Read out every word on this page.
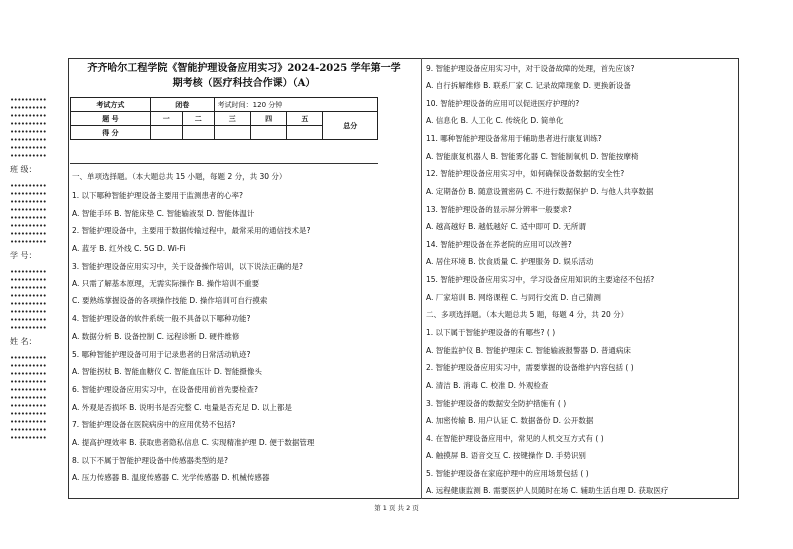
••••••••••
••••••••••
••••••••••
••••••••••
••••••••••
••••••••••
••••••••••
••••••••••
班 级：
••••••••••
••••••••••
••••••••••
••••••••••
••••••••••
••••••••••
••••••••••
••••••••••
学 号：
••••••••••
••••••••••
••••••••••
••••••••••
••••••••••
••••••••••
••••••••••
••••••••••
姓 名：
••••••••••
••••••••••
••••••••••
••••••••••
••••••••••
••••••••••
••••••••••
••••••••••
••••••••••
••••••••••
••••••••••
齐齐哈尔工程学院《智能护理设备应用实习》2024-2025 学年第一学
期考核（医疗科技合作课）（A）
考试方式	闭卷		考试时间：120 分钟			
题 号	一	二	三	四	五	总分
得 分						
一、单项选择题。（本大题总共 15 小题，每题 2 分，共 30 分）
1. 以下哪种智能护理设备主要用于监测患者的心率?
A. 智能手环 B. 智能床垫 C. 智能输液泵 D. 智能体温计
2. 智能护理设备中，主要用于数据传输过程中，最常采用的通信技术是?
A. 蓝牙 B. 红外线 C. 5G D. Wi-Fi
3. 智能护理设备应用实习中，关于设备操作培训，以下说法正确的是?
A. 只需了解基本原理，无需实际操作 B. 操作培训不重要
C. 要熟练掌握设备的各项操作技能 D. 操作培训可自行摸索
4. 智能护理设备的软件系统一般不具备以下哪种功能?
A. 数据分析 B. 设备控制 C. 远程诊断 D. 硬件维修
5. 哪种智能护理设备可用于记录患者的日常活动轨迹?
A. 智能拐杖 B. 智能血糖仪 C. 智能血压计 D. 智能摄像头
6. 智能护理设备应用实习中，在设备使用前首先要检查?
A. 外观是否损坏 B. 说明书是否完整 C. 电量是否充足 D. 以上都是
7. 智能护理设备在医院病房中的应用优势不包括?
A. 提高护理效率 B. 获取患者隐私信息 C. 实现精准护理 D. 便于数据管理
8. 以下不属于智能护理设备中传感器类型的是?
A. 压力传感器 B. 温度传感器 C. 光学传感器 D. 机械传感器
9. 智能护理设备应用实习中，对于设备故障的处理，首先应该?
A. 自行拆解维修 B. 联系厂家 C. 记录故障现象 D. 更换新设备
10. 智能护理设备的应用可以促进医疗护理的?
A. 信息化 B. 人工化 C. 传统化 D. 简单化
11. 哪种智能护理设备常用于辅助患者进行康复训练?
A. 智能康复机器人 B. 智能雾化器 C. 智能制氧机 D. 智能按摩椅
12. 智能护理设备应用实习中，如何确保设备数据的安全性?
A. 定期备份 B. 随意设置密码 C. 不进行数据保护 D. 与他人共享数据
13. 智能护理设备的显示屏分辨率一般要求?
A. 越高越好 B. 越低越好 C. 适中即可 D. 无所谓
14. 智能护理设备在养老院的应用可以改善?
A. 居住环境 B. 饮食质量 C. 护理服务 D. 娱乐活动
15. 智能护理设备应用实习中，学习设备应用知识的主要途径不包括?
A. 厂家培训 B. 网络课程 C. 与同行交流 D. 自己猜测
二、多项选择题。（本大题总共 5 题，每题 4 分，共 20 分）
1. 以下属于智能护理设备的有哪些? ( )
A. 智能监护仪 B. 智能护理床 C. 智能输液报警器 D. 普通病床
2. 智能护理设备应用实习中，需要掌握的设备维护内容包括 ( )
A. 清洁 B. 消毒 C. 校准 D. 外观检查
3. 智能护理设备的数据安全防护措施有 ( )
A. 加密传输 B. 用户认证 C. 数据备份 D. 公开数据
4. 在智能护理设备应用中，常见的人机交互方式有 ( )
A. 触摸屏 B. 语音交互 C. 按键操作 D. 手势识别
5. 智能护理设备在家庭护理中的应用场景包括 ( )
A. 远程健康监测 B. 需要医护人员随时在场 C. 辅助生活自理 D. 获取医疗
第 1 页 共 2 页
